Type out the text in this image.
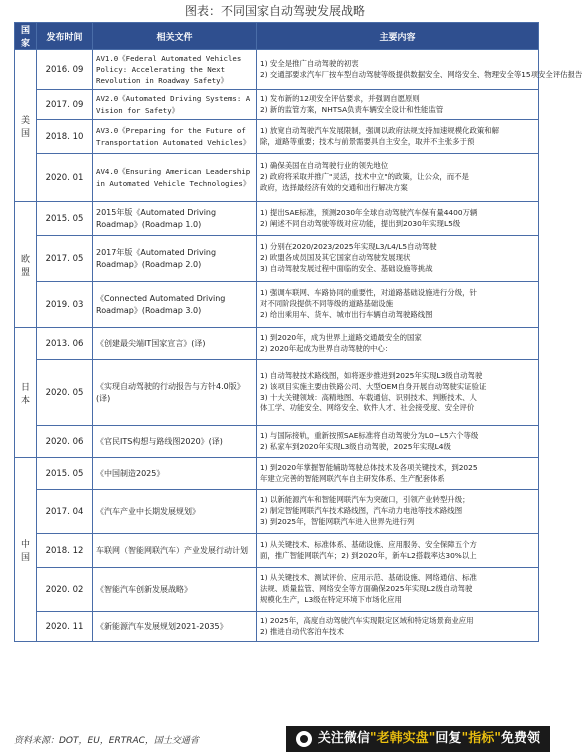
图表：不同国家自动驾驶发展战略
国家	发布时间	相关文件	主要内容
美国	2016. 09	AV1.0《Federal Automated Vehicles Policy: Accelerating the Next Revolution in Roadway Safety》	1) 安全是推广自动驾驶的初衷
2) 交通部要求汽车厂按车型自动驾驶等级提供数据安全、网络安全、物理安全等15项安全评估报告

	2017. 09	AV2.0《Automated Driving Systems: A Vision for Safety》	1) 发布新的12项安全评估要求，并强调自愿原则
2) 新的监管方案，NHTSA负责车辆安全设计和性能监管

	2018. 10	AV3.0《Preparing for the Future of Transportation Automated Vehicles》	1) 放宽自动驾驶汽车发展限制，强调以政府法规支持加速规模化政策和解
除，道路等重要；技术与前景需要具自主安全，取并不主张多于预

	2020. 01	AV4.0《Ensuring American Leadership in Automated Vehicle Technologies》	1) 确保美国在自动驾驶行业的领先地位
2) 政府将采取并推广"灵活，技术中立"的政策，让公众，而不是
政府，选择最经济有效的交通和出行解决方案

欧盟	2015. 05	2015年版《Automated Driving Roadmap》(Roadmap 1.0)	1) 提出SAE标准，预测2030年全球自动驾驶汽车保有量4400万辆
2) 阐述不同自动驾驶等级对应功能，提出到2030年实现L5级

	2017. 05	2017年版《Automated Driving Roadmap》(Roadmap 2.0)	1) 分别在2020/2023/2025年实现L3/L4/L5自动驾驶
2) 欧盟各成员国及其它国家自动驾驶发展现状
3) 自动驾驶发展过程中面临的安全、基础设施等挑战

	2019. 03	《Connected Automated Driving Roadmap》(Roadmap 3.0)	1) 强调车联网、车路协同的重要性，对道路基础设施进行分级，针
对不同阶段提供不同等级的道路基础设施
2) 给出乘用车、货车、城市出行车辆自动驾驶路线图

日本	2013. 06	《创建最尖端IT国家宣言》(译)	1) 到2020年，成为世界上道路交通最安全的国家
2) 2020年起成为世界自动驾驶的中心：

	2020. 05	《实现自动驾驶的行动报告与方针4.0版》(译)	1) 自动驾驶技术路线图，如将逐步推进到2025年实现L3级自动驾驶
2) 该项目实施主要由铁路公司、大型OEM自身开展自动驾驶实证验证
3) 十大关键领域：高精地图、车载通信、识别技术、判断技术、人
体工学、功能安全、网络安全、软件人才、社会接受度、安全评价

	2020. 06	《官民ITS构想与路线图2020》(译)	1) 与国际接轨，重新按照SAE标准将自动驾驶分为L0~L5六个等级
2) 私家车到2020年实现L3级自动驾驶，2025年实现L4级

中国	2015. 05	《中国制造2025》	1) 到2020年掌握智能辅助驾驶总体技术及各项关键技术，到2025
年建立完善的智能网联汽车自主研发体系、生产配套体系

	2017. 04	《汽车产业中长期发展规划》	1) 以新能源汽车和智能网联汽车为突破口，引领产业转型升级；
2) 制定智能网联汽车技术路线图，汽车动力电池等技术路线图
3) 到2025年，智能网联汽车进入世界先进行列

	2018. 12	车联网（智能网联汽车）产业发展行动计划	1) 从关键技术、标准体系、基础设施、应用服务、安全保障五个方
面，推广智能网联汽车；2) 到2020年，新车L2搭载率达30%以上

	2020. 02	《智能汽车创新发展战略》	1) 从关键技术、测试评价、应用示范、基础设施、网络通信、标准
法规、质量监管、网络安全等方面确保2025年实现L2级自动驾驶
规模化生产，L3级在特定环境下市场化应用

	2020. 11	《新能源汽车发展规划2021-2035》	1) 2025年，高度自动驾驶汽车实现限定区域和特定场景商业应用
2) 推进自动代客泊车技术
资料来源：DOT，EU，ERTRAC，国土交通省	关注微信"老韩实盘"回复"指标"免费领
